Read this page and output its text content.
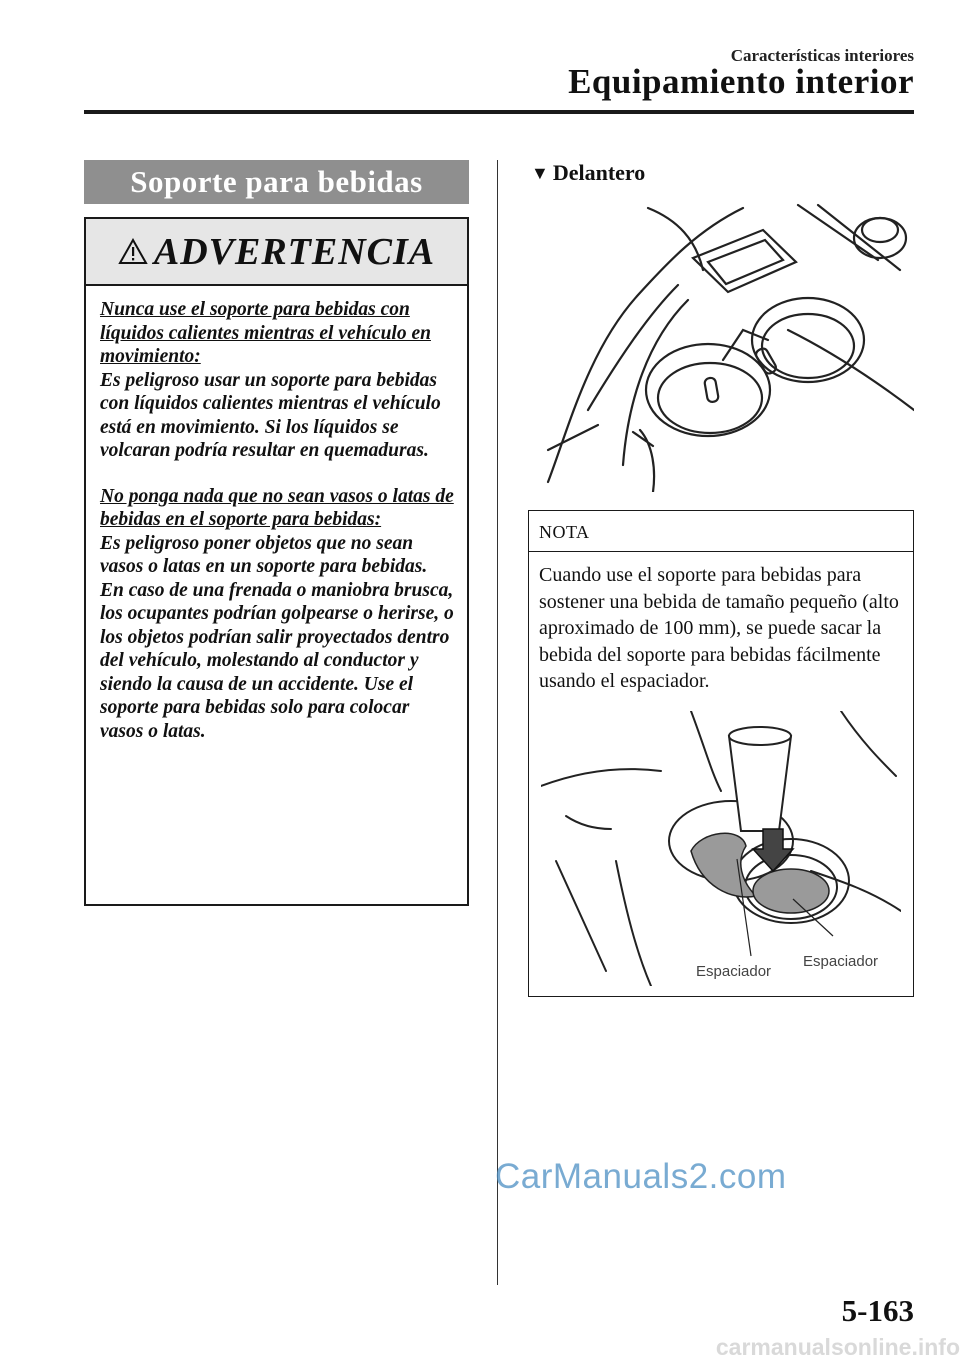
Características interiores
Equipamiento interior
Soporte para bebidas
ADVERTENCIA

Nunca use el soporte para bebidas con líquidos calientes mientras el vehículo en movimiento:

Es peligroso usar un soporte para bebidas con líquidos calientes mientras el vehículo está en movimiento. Si los líquidos se volcaran podría resultar en quemaduras.

No ponga nada que no sean vasos o latas de bebidas en el soporte para bebidas:

Es peligroso poner objetos que no sean vasos o latas en un soporte para bebidas.

En caso de una frenada o maniobra brusca, los ocupantes podrían golpearse o herirse, o los objetos podrían salir proyectados dentro del vehículo, molestando al conductor y siendo la causa de un accidente. Use el soporte para bebidas solo para colocar vasos o latas.

▼ Delantero
NOTA
Cuando use el soporte para bebidas para sostener una bebida de tamaño pequeño (alto aproximado de 100 mm), se puede sacar la bebida del soporte para bebidas fácilmente usando el espaciador.
Espaciador
Espaciador
CarManuals2.com
5-163
carmanualsonline.info
